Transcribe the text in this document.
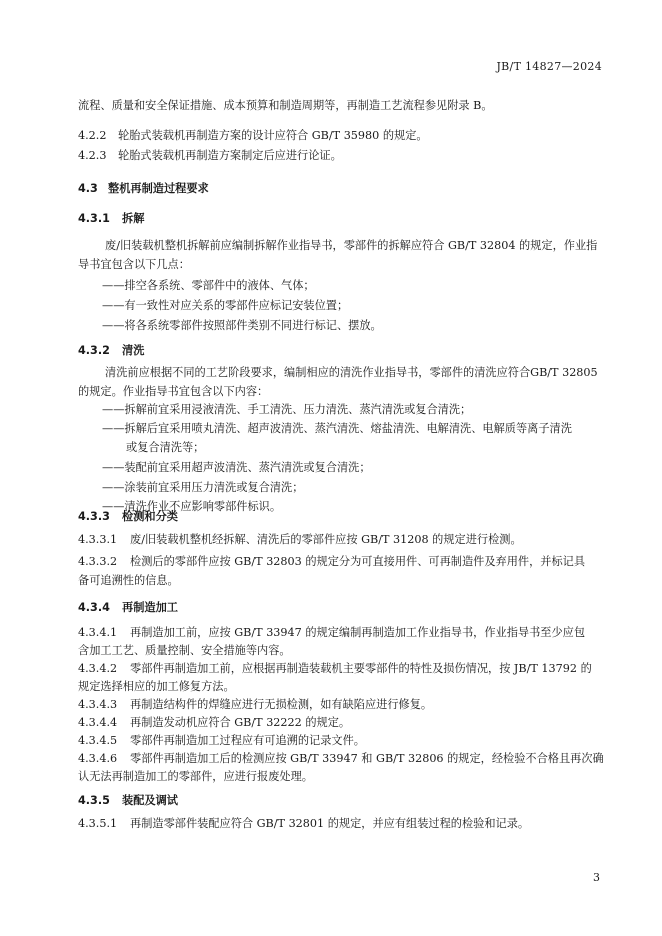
JB/T 14827—2024
流程、质量和安全保证措施、成本预算和制造周期等，再制造工艺流程参见附录 B。
4.2.2 轮胎式装载机再制造方案的设计应符合 GB/T 35980 的规定。
4.2.3 轮胎式装载机再制造方案制定后应进行论证。
4.3 整机再制造过程要求
4.3.1 拆解
废/旧装载机整机拆解前应编制拆解作业指导书，零部件的拆解应符合 GB/T 32804 的规定，作业指
导书宜包含以下几点：
——排空各系统、零部件中的液体、气体；
——有一致性对应关系的零部件应标记安装位置；
——将各系统零部件按照部件类别不同进行标记、摆放。
4.3.2 清洗
清洗前应根据不同的工艺阶段要求，编制相应的清洗作业指导书，零部件的清洗应符合GB/T 32805
的规定。作业指导书宜包含以下内容：
——拆解前宜采用浸液清洗、手工清洗、压力清洗、蒸汽清洗或复合清洗；
——拆解后宜采用喷丸清洗、超声波清洗、蒸汽清洗、熔盐清洗、电解清洗、电解质等离子清洗
或复合清洗等；
——装配前宜采用超声波清洗、蒸汽清洗或复合清洗；
——涂装前宜采用压力清洗或复合清洗；
——清洗作业不应影响零部件标识。
4.3.3 检测和分类
4.3.3.1 废/旧装载机整机经拆解、清洗后的零部件应按 GB/T 31208 的规定进行检测。
4.3.3.2 检测后的零部件应按 GB/T 32803 的规定分为可直接用件、可再制造件及弃用件，并标记具
备可追溯性的信息。
4.3.4 再制造加工
4.3.4.1 再制造加工前，应按 GB/T 33947 的规定编制再制造加工作业指导书，作业指导书至少应包
含加工工艺、质量控制、安全措施等内容。
4.3.4.2 零部件再制造加工前，应根据再制造装载机主要零部件的特性及损伤情况，按 JB/T 13792 的
规定选择相应的加工修复方法。
4.3.4.3 再制造结构件的焊缝应进行无损检测，如有缺陷应进行修复。
4.3.4.4 再制造发动机应符合 GB/T 32222 的规定。
4.3.4.5 零部件再制造加工过程应有可追溯的记录文件。
4.3.4.6 零部件再制造加工后的检测应按 GB/T 33947 和 GB/T 32806 的规定，经检验不合格且再次确
认无法再制造加工的零部件，应进行报废处理。
4.3.5 装配及调试
4.3.5.1 再制造零部件装配应符合 GB/T 32801 的规定，并应有组装过程的检验和记录。
3
